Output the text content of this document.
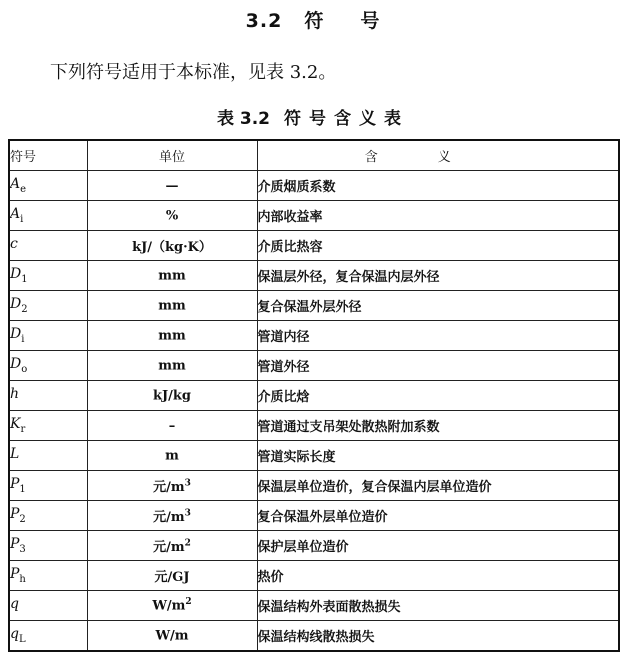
3.2 符 号
下列符号适用于本标准，见表 3.2。
表 3.2 符号含义表
符号	单位	含义
$A_e$	—	介质烟质系数
$A_i$	%	内部收益率
c	kJ/（kg·K）	介质比热容
$D_1$	mm	保温层外径，复合保温内层外径
$D_2$	mm	复合保温外层外径
$D_i$	mm	管道内径
$D_o$	mm	管道外径
h	kJ/kg	介质比焓
$K_r$	–	管道通过支吊架处散热附加系数
L	m	管道实际长度
$P_1$	元$/m^3$	保温层单位造价，复合保温内层单位造价
$P_2$	元$/m^3$	复合保温外层单位造价
$P_3$	元$/m^2$	保护层单位造价
$P_h$	元/GJ	热价
q	$W/m^2$	保温结构外表面散热损失
$q_L$	W/m	保温结构线散热损失
